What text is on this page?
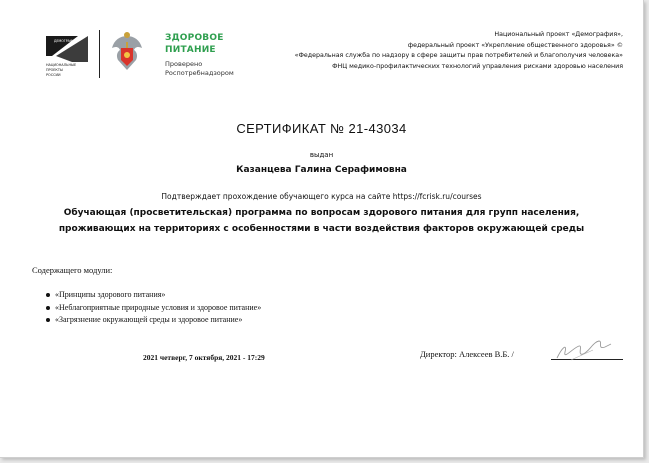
ДЕМОГРАФИЯ
НАЦИОНАЛЬНЫЕ
ПРОЕКТЫ
РОССИИ
ЗДОРОВОЕ
ПИТАНИЕ
Проверено
Роспотребнадзором
Национальный проект «Демография»,
федеральный проект «Укрепление общественного здоровья» ©
«Федеральная служба по надзору в сфере защиты прав потребителей и благополучия человека»
ФНЦ медико-профилактических технологий управления рисками здоровью населения
СЕРТИФИКАТ № 21-43034
выдан
Казанцева Галина Серафимовна
Подтверждает прохождение обучающего курса на сайте https://fcrisk.ru/courses
Обучающая (просветительская) программа по вопросам здорового питания для групп населения, проживающих на территориях с особенностями в части воздействия факторов окружающей среды
Содержащего модули:
«Принципы здорового питания»
«Неблагоприятные природные условия и здоровое питание»
«Загрязнение окружающей среды и здоровое питание»
2021 четверг, 7 октября, 2021 - 17:29	Директор: Алексеев В.Б. /
